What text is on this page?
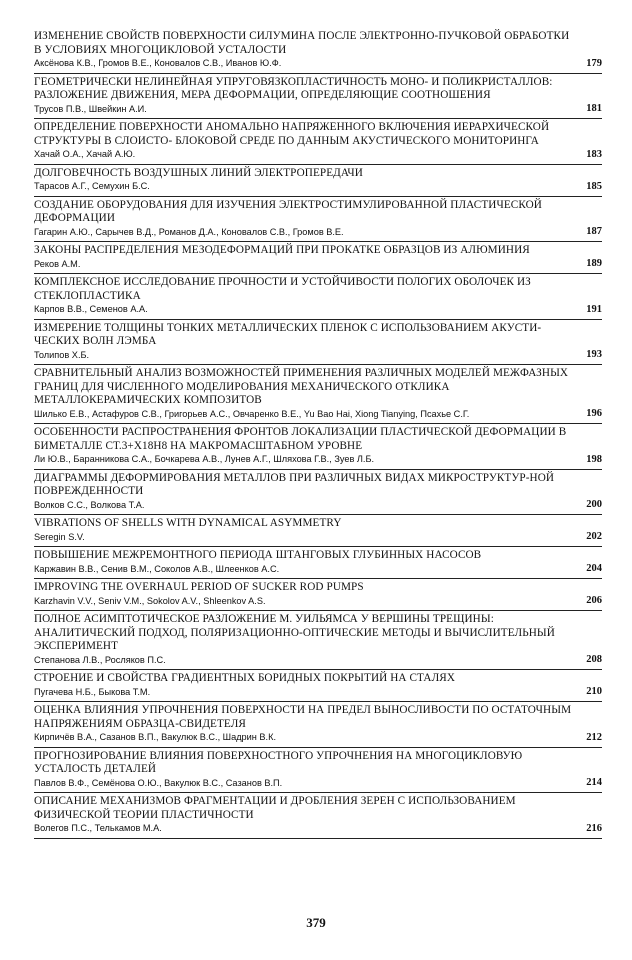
ИЗМЕНЕНИЕ СВОЙСТВ ПОВЕРХНОСТИ СИЛУМИНА ПОСЛЕ ЭЛЕКТРОННО-ПУЧКОВОЙ ОБРАБОТКИ В УСЛОВИЯХ МНОГОЦИКЛОВОЙ УСТАЛОСТИ
Аксёнова К.В., Громов В.Е., Коновалов С.В., Иванов Ю.Ф.	179
ГЕОМЕТРИЧЕСКИ НЕЛИНЕЙНАЯ УПРУГОВЯЗКОПЛАСТИЧНОСТЬ МОНО- И ПОЛИКРИСТАЛЛОВ: РАЗЛОЖЕНИЕ ДВИЖЕНИЯ, МЕРА ДЕФОРМАЦИИ, ОПРЕДЕЛЯЮЩИЕ СООТНОШЕНИЯ
Трусов П.В., Швейкин А.И.	181
ОПРЕДЕЛЕНИЕ ПОВЕРХНОСТИ АНОМАЛЬНО НАПРЯЖЕННОГО ВКЛЮЧЕНИЯ ИЕРАРХИЧЕСКОЙ СТРУКТУРЫ В СЛОИСТО- БЛОКОВОЙ СРЕДЕ ПО ДАННЫМ АКУСТИЧЕСКОГО МОНИТОРИНГА
Хачай О.А., Хачай А.Ю.	183
ДОЛГОВЕЧНОСТЬ ВОЗДУШНЫХ ЛИНИЙ ЭЛЕКТРОПЕРЕДАЧИ
Тарасов А.Г., Семухин Б.С.	185
СОЗДАНИЕ ОБОРУДОВАНИЯ ДЛЯ ИЗУЧЕНИЯ ЭЛЕКТРОСТИМУЛИРОВАННОЙ ПЛАСТИЧЕСКОЙ ДЕФОРМАЦИИ
Гагарин А.Ю., Сарычев В.Д., Романов Д.А., Коновалов С.В., Громов В.Е.	187
ЗАКОНЫ РАСПРЕДЕЛЕНИЯ МЕЗОДЕФОРМАЦИЙ ПРИ ПРОКАТКЕ ОБРАЗЦОВ ИЗ АЛЮМИНИЯ
Реков А.М.	189
КОМПЛЕКСНОЕ ИССЛЕДОВАНИЕ ПРОЧНОСТИ И УСТОЙЧИВОСТИ ПОЛОГИХ ОБОЛОЧЕК ИЗ СТЕКЛОПЛАСТИКА
Карпов В.В., Семенов А.А.	191
ИЗМЕРЕНИЕ ТОЛЩИНЫ ТОНКИХ МЕТАЛЛИЧЕСКИХ ПЛЕНОК С ИСПОЛЬЗОВАНИЕМ АКУСТИ-ЧЕСКИХ ВОЛН ЛЭМБА
Толипов Х.Б.	193
СРАВНИТЕЛЬНЫЙ АНАЛИЗ ВОЗМОЖНОСТЕЙ ПРИМЕНЕНИЯ РАЗЛИЧНЫХ МОДЕЛЕЙ МЕЖФАЗНЫХ ГРАНИЦ ДЛЯ ЧИСЛЕННОГО МОДЕЛИРОВАНИЯ МЕХАНИЧЕСКОГО ОТКЛИКА МЕТАЛЛОКЕРАМИЧЕСКИХ КОМПОЗИТОВ
Шилько Е.В., Астафуров С.В., Григорьев А.С., Овчаренко В.Е., Yu Bao Hai, Xiong Tianying, Псахье С.Г.	196
ОСОБЕННОСТИ РАСПРОСТРАНЕНИЯ ФРОНТОВ ЛОКАЛИЗАЦИИ ПЛАСТИЧЕСКОЙ ДЕФОРМАЦИИ В БИМЕТАЛЛЕ СТ.3+Х18Н8 НА МАКРОМАСШТАБНОМ УРОВНЕ
Ли Ю.В., Баранникова С.А., Бочкарева А.В., Лунев А.Г., Шляхова Г.В., Зуев Л.Б.	198
ДИАГРАММЫ ДЕФОРМИРОВАНИЯ МЕТАЛЛОВ ПРИ РАЗЛИЧНЫХ ВИДАХ МИКРОСТРУКТУР-НОЙ ПОВРЕЖДЕННОСТИ
Волков С.С., Волкова Т.А.	200
VIBRATIONS OF SHELLS WITH DYNAMICAL ASYMMETRY
Seregin S.V.	202
ПОВЫШЕНИЕ МЕЖРЕМОНТНОГО ПЕРИОДА ШТАНГОВЫХ ГЛУБИННЫХ НАСОСОВ
Каржавин В.В., Сенив В.М., Соколов А.В., Шлеенков А.С.	204
IMPROVING THE OVERHAUL PERIOD OF SUCKER ROD PUMPS
Karzhavin V.V., Seniv V.M., Sokolov A.V., Shleenkov A.S.	206
ПОЛНОЕ АСИМПТОТИЧЕСКОЕ РАЗЛОЖЕНИЕ М. УИЛЬЯМСА У ВЕРШИНЫ ТРЕЩИНЫ: АНАЛИТИЧЕСКИЙ ПОДХОД, ПОЛЯРИЗАЦИОННО-ОПТИЧЕСКИЕ МЕТОДЫ И ВЫЧИСЛИТЕЛЬНЫЙ ЭКСПЕРИМЕНТ
Степанова Л.В., Росляков П.С.	208
СТРОЕНИЕ И СВОЙСТВА ГРАДИЕНТНЫХ БОРИДНЫХ ПОКРЫТИЙ НА СТАЛЯХ
Пугачева Н.Б., Быкова Т.М.	210
ОЦЕНКА ВЛИЯНИЯ УПРОЧНЕНИЯ ПОВЕРХНОСТИ НА ПРЕДЕЛ ВЫНОСЛИВОСТИ ПО ОСТАТОЧНЫМ НАПРЯЖЕНИЯМ ОБРАЗЦА-СВИДЕТЕЛЯ
Кирпичёв В.А., Сазанов В.П., Вакулюк В.С., Шадрин В.К.	212
ПРОГНОЗИРОВАНИЕ ВЛИЯНИЯ ПОВЕРХНОСТНОГО УПРОЧНЕНИЯ НА МНОГОЦИКЛОВУЮ УСТАЛОСТЬ ДЕТАЛЕЙ
Павлов В.Ф., Семёнова О.Ю., Вакулюк В.С., Сазанов В.П.	214
ОПИСАНИЕ МЕХАНИЗМОВ ФРАГМЕНТАЦИИ И ДРОБЛЕНИЯ ЗЕРЕН С ИСПОЛЬЗОВАНИЕМ ФИЗИЧЕСКОЙ ТЕОРИИ ПЛАСТИЧНОСТИ
Волегов П.С., Телькамов М.А.	216
379
